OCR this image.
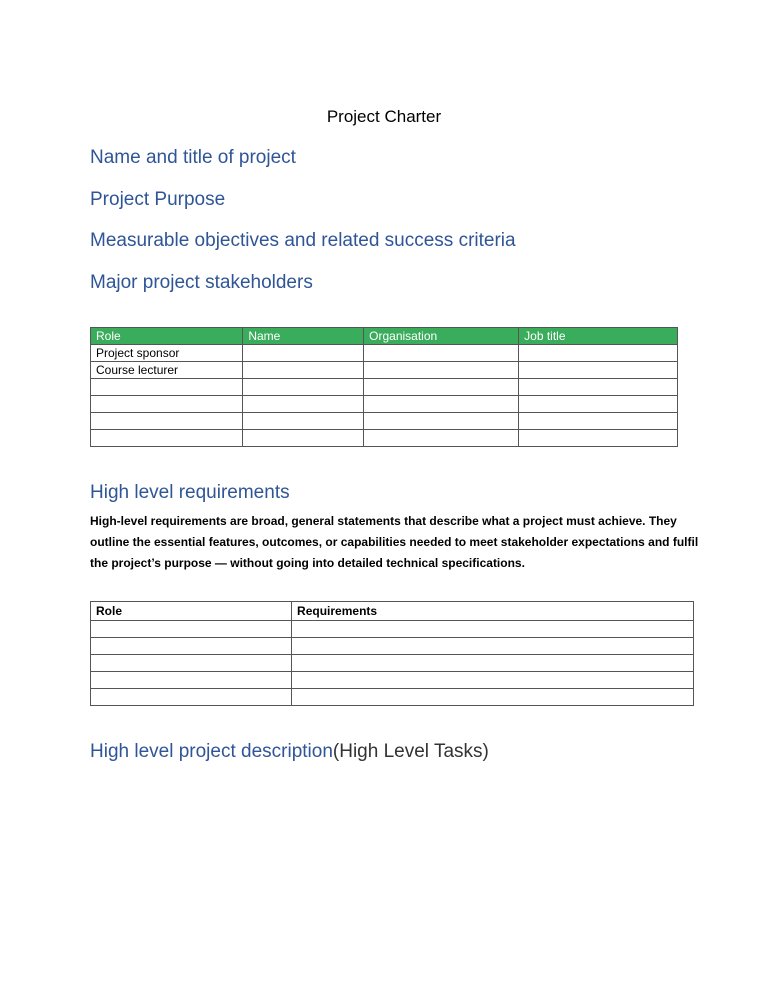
Project Charter
Name and title of project
Project Purpose
Measurable objectives and related success criteria
Major project stakeholders
Role	Name	Organisation	Job title
Project sponsor			
Course lecturer			

High level requirements
High-level requirements are broad, general statements that describe what a project must achieve. They outline the essential features, outcomes, or capabilities needed to meet stakeholder expectations and fulfil the project’s purpose — without going into detailed technical specifications.
Role	Requirements

High level project description(High Level Tasks)
